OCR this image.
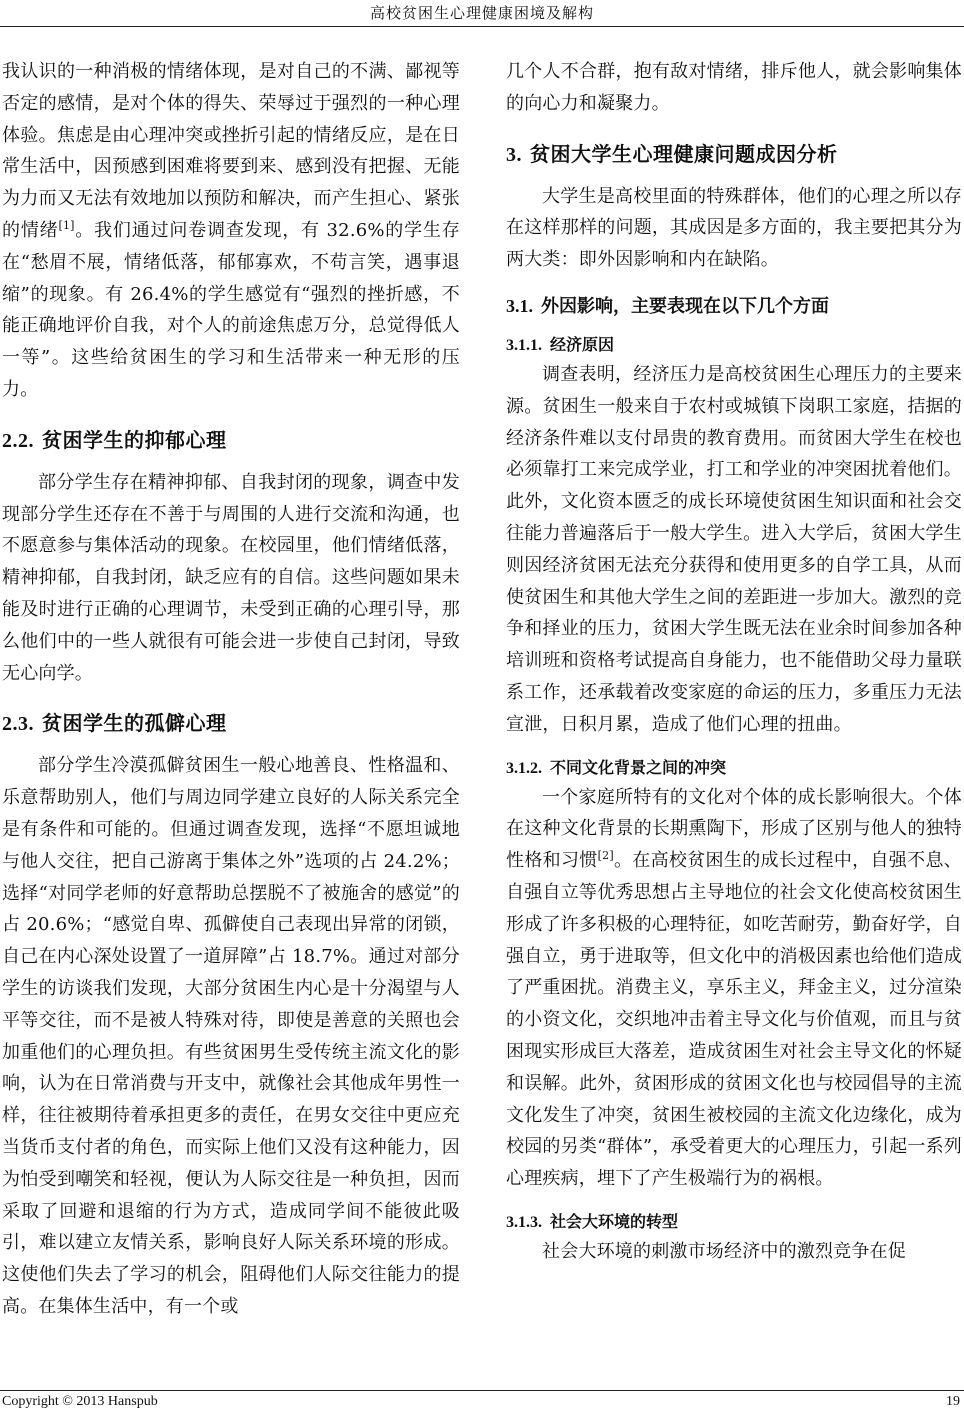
高校贫困生心理健康困境及解构

我认识的一种消极的情绪体现，是对自己的不满、鄙视等否定的感情，是对个体的得失、荣辱过于强烈的一种心理体验。焦虑是由心理冲突或挫折引起的情绪反应，是在日常生活中，因预感到困难将要到来、感到没有把握、无能为力而又无法有效地加以预防和解决，而产生担心、紧张的情绪[1]。我们通过问卷调查发现，有 32.6%的学生存在“愁眉不展，情绪低落，郁郁寡欢，不苟言笑，遇事退缩”的现象。有 26.4%的学生感觉有“强烈的挫折感，不能正确地评价自我，对个人的前途焦虑万分，总觉得低人一等”。这些给贫困生的学习和生活带来一种无形的压力。

2.2. 贫困学生的抑郁心理

部分学生存在精神抑郁、自我封闭的现象，调查中发现部分学生还存在不善于与周围的人进行交流和沟通，也不愿意参与集体活动的现象。在校园里，他们情绪低落，精神抑郁，自我封闭，缺乏应有的自信。这些问题如果未能及时进行正确的心理调节，未受到正确的心理引导，那么他们中的一些人就很有可能会进一步使自己封闭，导致无心向学。

2.3. 贫困学生的孤僻心理

部分学生冷漠孤僻贫困生一般心地善良、性格温和、乐意帮助别人，他们与周边同学建立良好的人际关系完全是有条件和可能的。但通过调查发现，选择“不愿坦诚地与他人交往，把自己游离于集体之外”选项的占 24.2%；选择“对同学老师的好意帮助总摆脱不了被施舍的感觉”的占 20.6%；“感觉自卑、孤僻使自己表现出异常的闭锁，自己在内心深处设置了一道屏障”占 18.7%。通过对部分学生的访谈我们发现，大部分贫困生内心是十分渴望与人平等交往，而不是被人特殊对待，即使是善意的关照也会加重他们的心理负担。有些贫困男生受传统主流文化的影响，认为在日常消费与开支中，就像社会其他成年男性一样，往往被期待着承担更多的责任，在男女交往中更应充当货币支付者的角色，而实际上他们又没有这种能力，因为怕受到嘲笑和轻视，便认为人际交往是一种负担，因而采取了回避和退缩的行为方式，造成同学间不能彼此吸引，难以建立友情关系，影响良好人际关系环境的形成。这使他们失去了学习的机会，阻碍他们人际交往能力的提高。在集体生活中，有一个或

几个人不合群，抱有敌对情绪，排斥他人，就会影响集体的向心力和凝聚力。

3. 贫困大学生心理健康问题成因分析

大学生是高校里面的特殊群体，他们的心理之所以存在这样那样的问题，其成因是多方面的，我主要把其分为两大类：即外因影响和内在缺陷。

3.1. 外因影响，主要表现在以下几个方面
3.1.1. 经济原因

调查表明，经济压力是高校贫困生心理压力的主要来源。贫困生一般来自于农村或城镇下岗职工家庭，拮据的经济条件难以支付昂贵的教育费用。而贫困大学生在校也必须靠打工来完成学业，打工和学业的冲突困扰着他们。此外，文化资本匮乏的成长环境使贫困生知识面和社会交往能力普遍落后于一般大学生。进入大学后，贫困大学生则因经济贫困无法充分获得和使用更多的自学工具，从而使贫困生和其他大学生之间的差距进一步加大。激烈的竞争和择业的压力，贫困大学生既无法在业余时间参加各种培训班和资格考试提高自身能力，也不能借助父母力量联系工作，还承载着改变家庭的命运的压力，多重压力无法宣泄，日积月累，造成了他们心理的扭曲。

3.1.2. 不同文化背景之间的冲突

一个家庭所特有的文化对个体的成长影响很大。个体在这种文化背景的长期熏陶下，形成了区别与他人的独特性格和习惯[2]。在高校贫困生的成长过程中，自强不息、自强自立等优秀思想占主导地位的社会文化使高校贫困生形成了许多积极的心理特征，如吃苦耐劳，勤奋好学，自强自立，勇于进取等，但文化中的消极因素也给他们造成了严重困扰。消费主义，享乐主义，拜金主义，过分渲染的小资文化，交织地冲击着主导文化与价值观，而且与贫困现实形成巨大落差，造成贫困生对社会主导文化的怀疑和误解。此外，贫困形成的贫困文化也与校园倡导的主流文化发生了冲突，贫困生被校园的主流文化边缘化，成为校园的另类“群体”，承受着更大的心理压力，引起一系列心理疾病，埋下了产生极端行为的祸根。

3.1.3. 社会大环境的转型

社会大环境的刺激市场经济中的激烈竞争在促

Copyright © 2013 Hanspub	19
